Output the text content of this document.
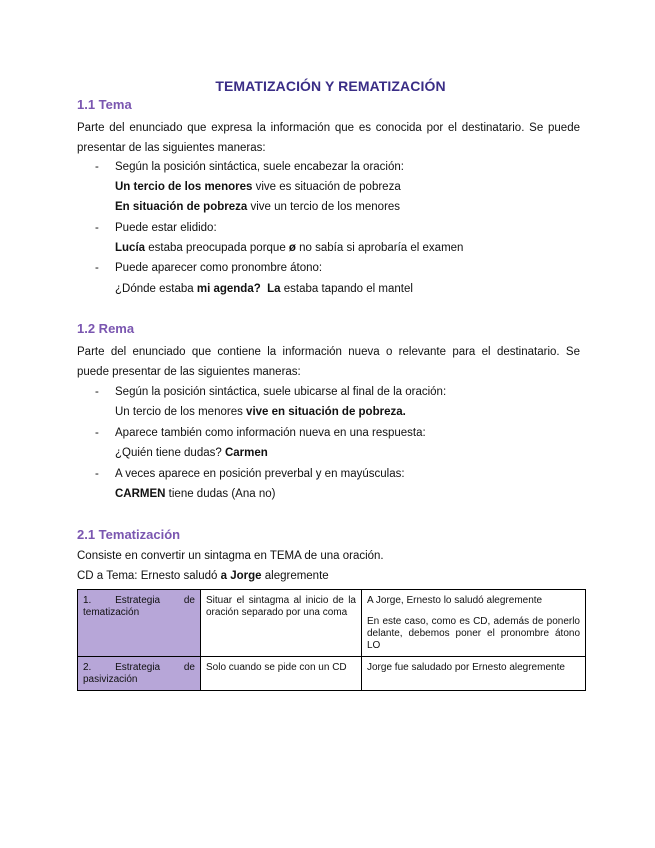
TEMATIZACIÓN Y REMATIZACIÓN
1.1 Tema
Parte del enunciado que expresa la información que es conocida por el destinatario. Se puede
presentar de las siguientes maneras:
- Según la posición sintáctica, suele encabezar la oración:
Un tercio de los menores vive es situación de pobreza
En situación de pobreza vive un tercio de los menores
- Puede estar elidido:
Lucía estaba preocupada porque ø no sabía si aprobaría el examen
- Puede aparecer como pronombre átono:
¿Dónde estaba mi agenda? La estaba tapando el mantel
1.2 Rema
Parte del enunciado que contiene la información nueva o relevante para el destinatario. Se
puede presentar de las siguientes maneras:
- Según la posición sintáctica, suele ubicarse al final de la oración:
Un tercio de los menores vive en situación de pobreza.
- Aparece también como información nueva en una respuesta:
¿Quién tiene dudas? Carmen
- A veces aparece en posición preverbal y en mayúsculas:
CARMEN tiene dudas (Ana no)
2.1 Tematización
Consiste en convertir un sintagma en TEMA de una oración.
CD a Tema: Ernesto saludó a Jorge alegremente
1. Estrategia de tematización	Situar el sintagma al inicio de la oración separado por una coma	A Jorge, Ernesto lo saludó alegremente
En este caso, como es CD, además de ponerlo delante, debemos poner el pronombre átono LO

2. Estrategia de pasivización	Solo cuando se pide con un CD	Jorge fue saludado por Ernesto alegremente
